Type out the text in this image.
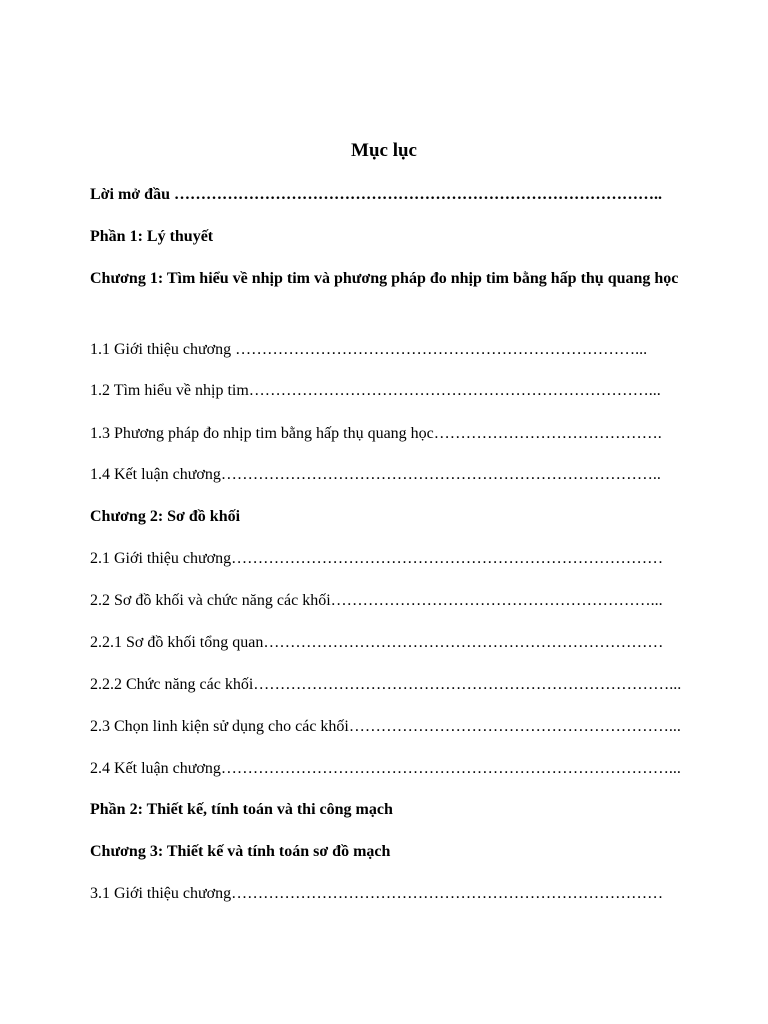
Mục lục
Lời mở đầu ………………………………………………………………………………..
Phần 1: Lý thuyết
Chương 1: Tìm hiểu về nhịp tim và phương pháp đo nhịp tim bằng hấp thụ quang học
1.1 Giới thiệu chương …………………………………………………………………...
1.2 Tìm hiểu về nhịp tim…………………………………………………………………...
1.3 Phương pháp đo nhịp tim bằng hấp thụ quang học…………………………………….
1.4 Kết luận chương………………………………………………………………………..
Chương 2: Sơ đồ khối
2.1 Giới thiệu chương………………………………………………………………………
2.2 Sơ đồ khối và chức năng các khối……………………………………………………...
2.2.1 Sơ đồ khối tổng quan…………………………………………………………………
2.2.2 Chức năng các khối……………………………………………………………………...
2.3 Chọn linh kiện sử dụng cho các khối……………………………………………………...
2.4 Kết luận chương…………………………………………………………………………...
Phần 2: Thiết kế, tính toán và thi công mạch
Chương 3: Thiết kế và tính toán sơ đồ mạch
3.1 Giới thiệu chương………………………………………………………………………
